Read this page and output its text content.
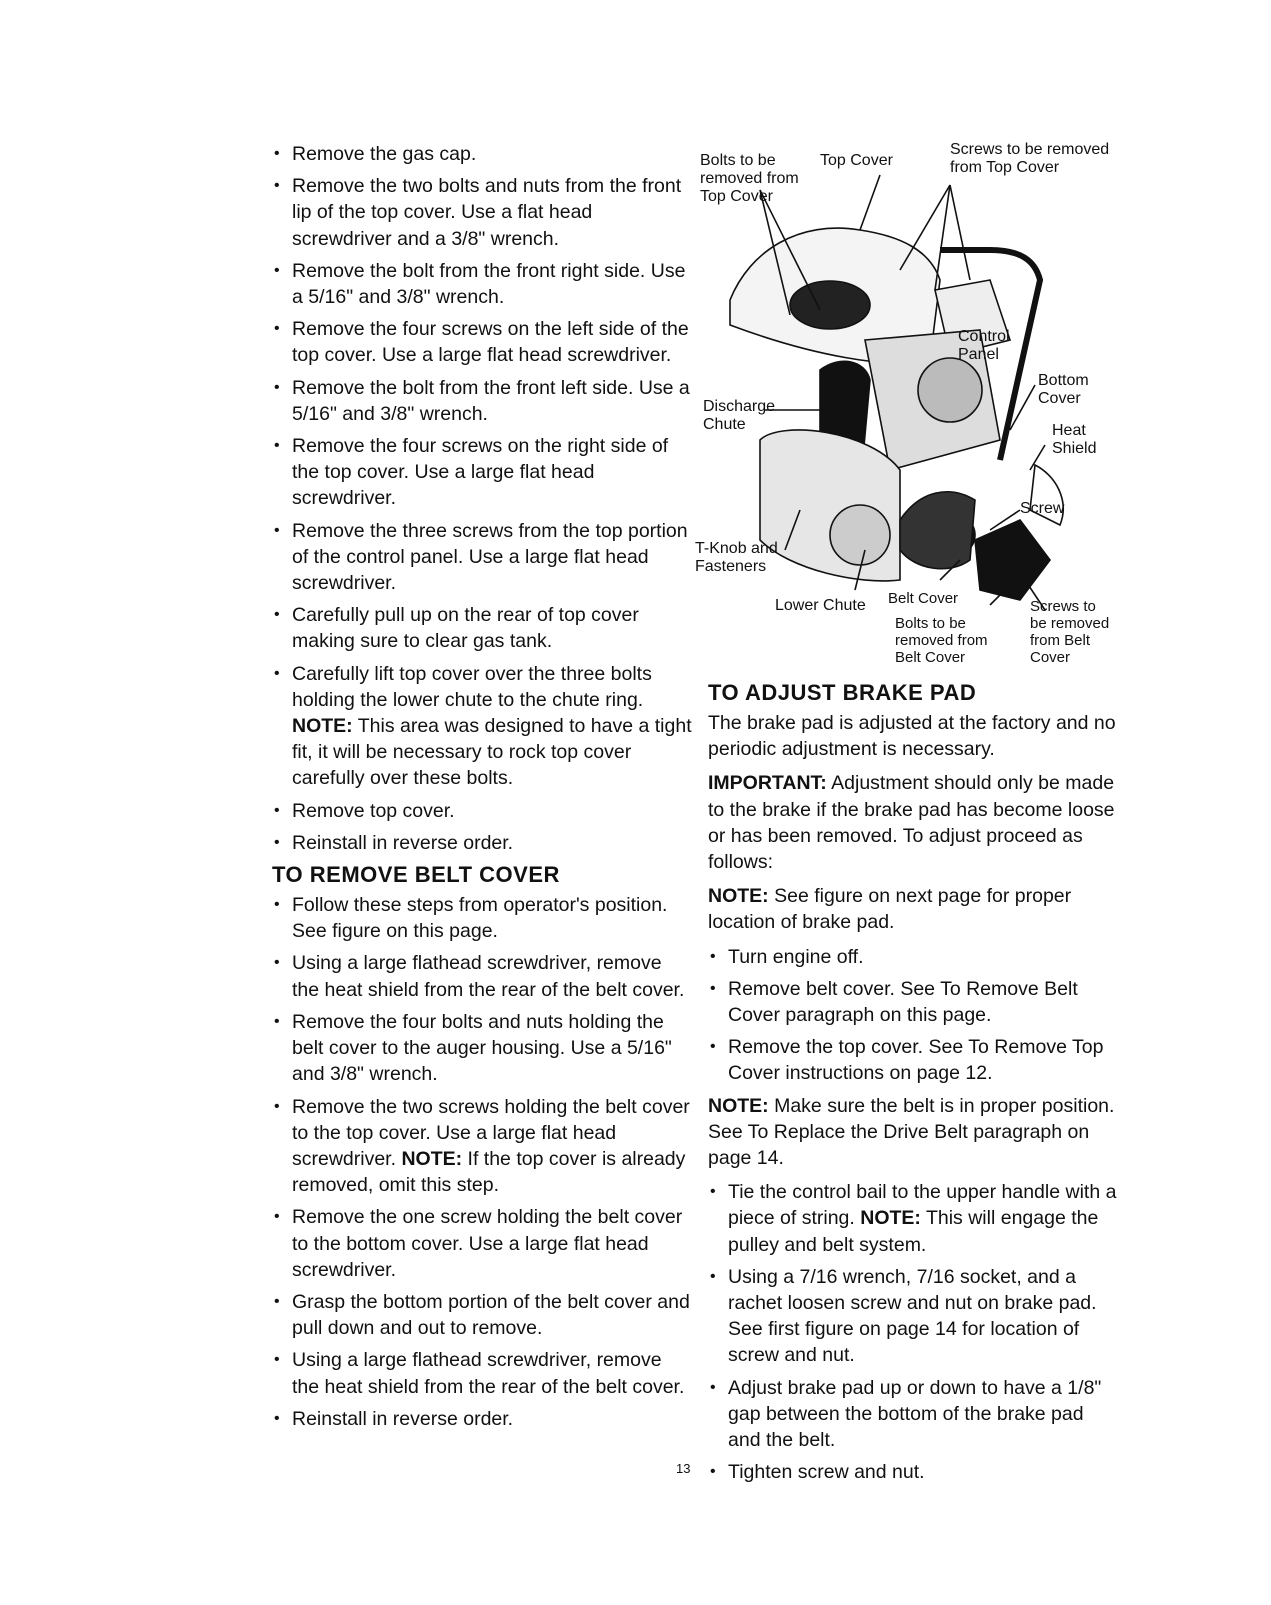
• Remove the gas cap.
• Remove the two bolts and nuts from the front lip of the top cover. Use a flat head screwdriver and a 3/8" wrench.
• Remove the bolt from the front right side. Use a 5/16" and 3/8" wrench.
• Remove the four screws on the left side of the top cover. Use a large flat head screwdriver.
• Remove the bolt from the front left side. Use a 5/16" and 3/8" wrench.
• Remove the four screws on the right side of the top cover. Use a large flat head screwdriver.
• Remove the three screws from the top portion of the control panel. Use a large flat head screwdriver.
• Carefully pull up on the rear of top cover making sure to clear gas tank.
• Carefully lift top cover over the three bolts holding the lower chute to the chute ring. NOTE: This area was designed to have a tight fit, it will be necessary to rock top cover carefully over these bolts.
• Remove top cover.
• Reinstall in reverse order.
TO REMOVE BELT COVER
• Follow these steps from operator's position. See figure on this page.
• Using a large flathead screwdriver, remove the heat shield from the rear of the belt cover.
• Remove the four bolts and nuts holding the belt cover to the auger housing. Use a 5/16" and 3/8" wrench.
• Remove the two screws holding the belt cover to the top cover. Use a large flat head screwdriver. NOTE: If the top cover is already removed, omit this step.
• Remove the one screw holding the belt cover to the bottom cover. Use a large flat head screwdriver.
• Grasp the bottom portion of the belt cover and pull down and out to remove.
• Using a large flathead screwdriver, remove the heat shield from the rear of the belt cover.
• Reinstall in reverse order.
Bolts to be removed from Top Cover
Top Cover
Screws to be removed from Top Cover
Control Panel
Bottom Cover
Discharge Chute	Heat Shield
Screw
T-Knob and Fasteners
Lower Chute Belt Cover
Bolts to be removed from Belt Cover
Screws to be removed from Belt Cover
TO ADJUST BRAKE PAD

The brake pad is adjusted at the factory and no periodic adjustment is necessary.

IMPORTANT: Adjustment should only be made to the brake if the brake pad has become loose or has been removed. To adjust proceed as follows:

NOTE: See figure on next page for proper location of brake pad.

• Turn engine off.
• Remove belt cover. See To Remove Belt Cover paragraph on this page.
• Remove the top cover. See To Remove Top Cover instructions on page 12.

NOTE: Make sure the belt is in proper position. See To Replace the Drive Belt paragraph on page 14.

• Tie the control bail to the upper handle with a piece of string. NOTE: This will engage the pulley and belt system.
• Using a 7/16 wrench, 7/16 socket, and a rachet loosen screw and nut on brake pad. See first figure on page 14 for location of screw and nut.
• Adjust brake pad up or down to have a 1/8" gap between the bottom of the brake pad and the belt.
• Tighten screw and nut.
13
